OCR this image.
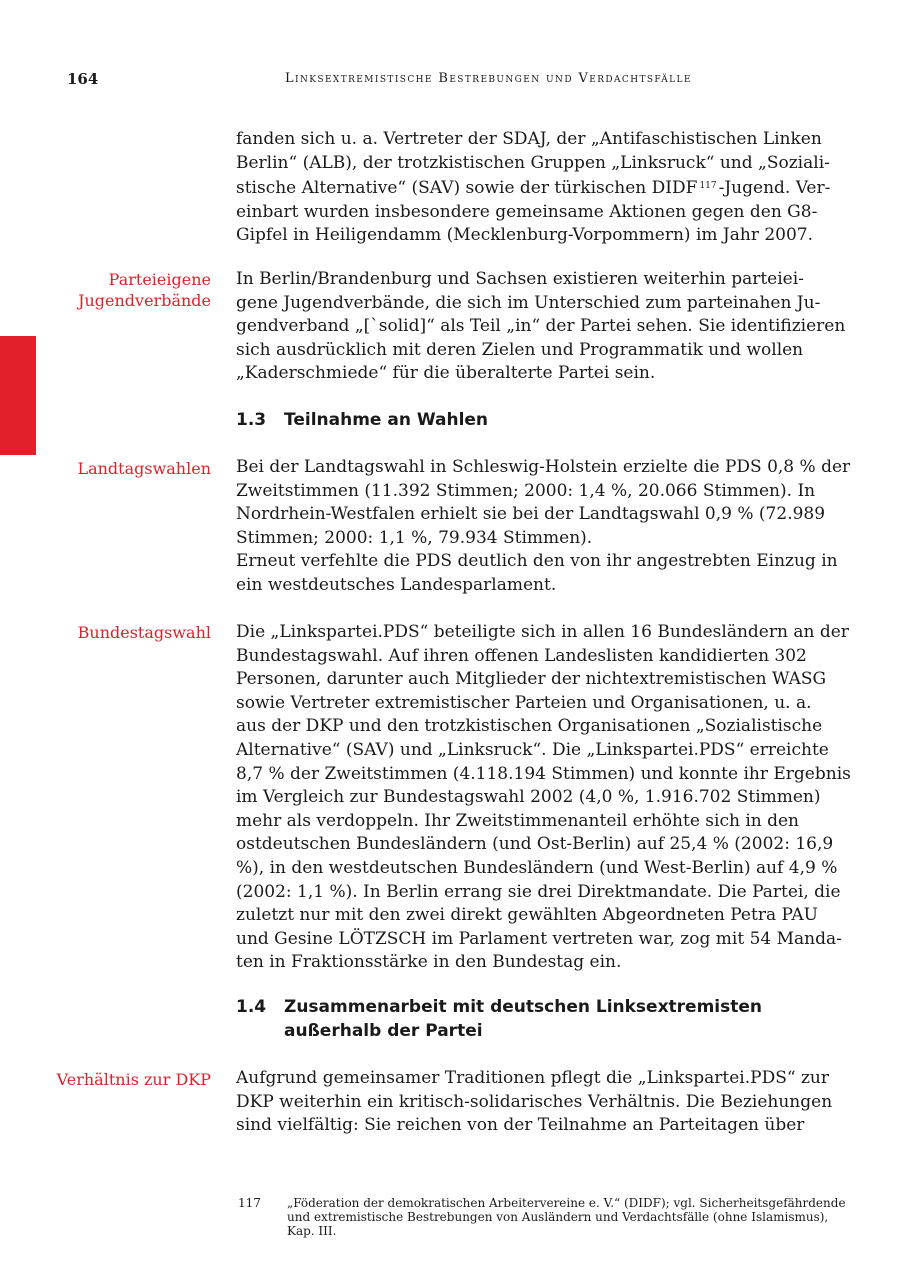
164	Linksextremistische Bestrebungen und Verdachtsfälle
fanden sich u. a. Vertreter der SDAJ, der „Antifaschistischen Linken
Berlin“ (ALB), der trotzkistischen Gruppen „Linksruck“ und „Soziali-
stische Alternative“ (SAV) sowie der türkischen DIDF $^{117}$ -Jugend. Ver-
einbart wurden insbesondere gemeinsame Aktionen gegen den G8-
Gipfel in Heiligendamm (Mecklenburg-Vorpommern) im Jahr 2007.
Parteieigene
Jugendverbände
In Berlin/Brandenburg und Sachsen existieren weiterhin parteiei-
gene Jugendverbände, die sich im Unterschied zum parteinahen Ju-
gendverband „[`solid]“ als Teil „in“ der Partei sehen. Sie identifizieren
sich ausdrücklich mit deren Zielen und Programmatik und wollen
„Kaderschmiede“ für die überalterte Partei sein.
1.3 Teilnahme an Wahlen
Landtagswahlen Bei der Landtagswahl in Schleswig-Holstein erzielte die PDS 0,8 % der
Zweitstimmen (11.392 Stimmen; 2000: 1,4 %, 20.066 Stimmen). In
Nordrhein-Westfalen erhielt sie bei der Landtagswahl 0,9 % (72.989
Stimmen; 2000: 1,1 %, 79.934 Stimmen).
Erneut verfehlte die PDS deutlich den von ihr angestrebten Einzug in
ein westdeutsches Landesparlament.
Bundestagswahl Die „Linkspartei.PDS“ beteiligte sich in allen 16 Bundesländern an der
Bundestagswahl. Auf ihren offenen Landeslisten kandidierten 302
Personen, darunter auch Mitglieder der nichtextremistischen WASG
sowie Vertreter extremistischer Parteien und Organisationen, u. a.
aus der DKP und den trotzkistischen Organisationen „Sozialistische
Alternative“ (SAV) und „Linksruck“. Die „Linkspartei.PDS“ erreichte
8,7 % der Zweitstimmen (4.118.194 Stimmen) und konnte ihr Ergebnis
im Vergleich zur Bundestagswahl 2002 (4,0 %, 1.916.702 Stimmen)
mehr als verdoppeln. Ihr Zweitstimmenanteil erhöhte sich in den
ostdeutschen Bundesländern (und Ost-Berlin) auf 25,4 % (2002: 16,9
%), in den westdeutschen Bundesländern (und West-Berlin) auf 4,9 %
(2002: 1,1 %). In Berlin errang sie drei Direktmandate. Die Partei, die
zuletzt nur mit den zwei direkt gewählten Abgeordneten Petra PAU
und Gesine LÖTZSCH im Parlament vertreten war, zog mit 54 Manda-
ten in Fraktionsstärke in den Bundestag ein.
1.4 Zusammenarbeit mit deutschen Linksextremisten
außerhalb der Partei
Verhältnis zur DKP Aufgrund gemeinsamer Traditionen pflegt die „Linkspartei.PDS“ zur
DKP weiterhin ein kritisch-solidarisches Verhältnis. Die Beziehungen
sind vielfältig: Sie reichen von der Teilnahme an Parteitagen über
117 „Föderation der demokratischen Arbeitervereine e. V.“ (DIDF); vgl. Sicherheitsgefährdende
und extremistische Bestrebungen von Ausländern und Verdachtsfälle (ohne Islamismus),
Kap. III.
